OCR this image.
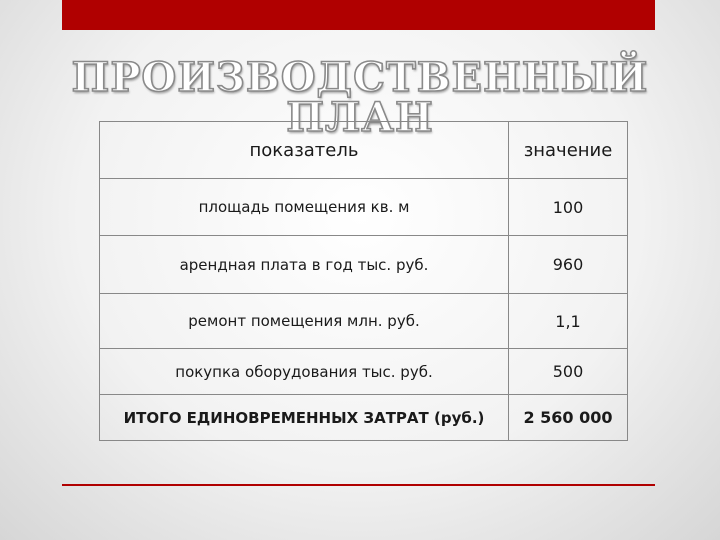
ПРОИЗВОДСТВЕННЫЙ ПЛАН
показатель	значение
площадь помещения кв. м	100
арендная плата в год тыс. руб.	960
ремонт помещения млн. руб.	1,1
покупка оборудования тыс. руб.	500
ИТОГО ЕДИНОВРЕМЕННЫХ ЗАТРАТ (руб.)	2 560 000
